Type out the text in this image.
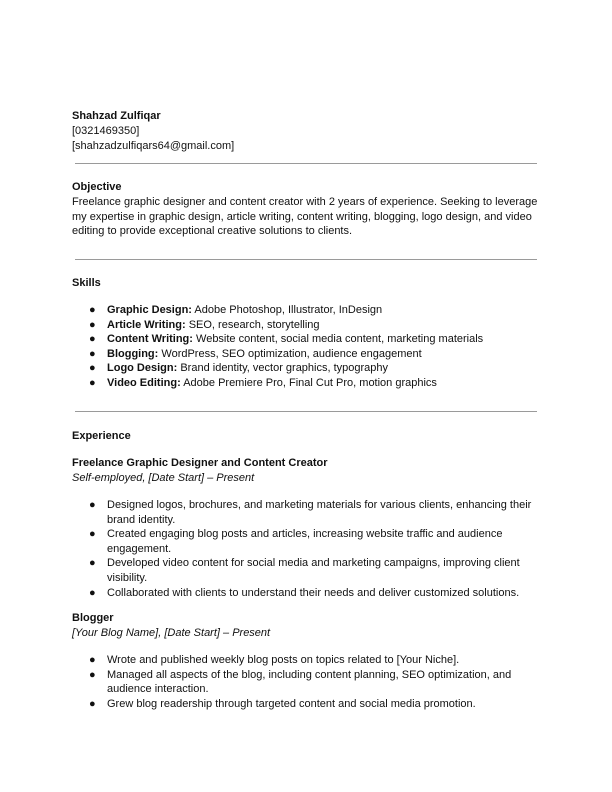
Shahzad Zulfiqar
[0321469350]
[shahzadzulfiqars64@gmail.com]
Objective
Freelance graphic designer and content creator with 2 years of experience. Seeking to leverage my expertise in graphic design, article writing, content writing, blogging, logo design, and video editing to provide exceptional creative solutions to clients.
Skills
● Graphic Design: Adobe Photoshop, Illustrator, InDesign
● Article Writing: SEO, research, storytelling
● Content Writing: Website content, social media content, marketing materials
● Blogging: WordPress, SEO optimization, audience engagement
● Logo Design: Brand identity, vector graphics, typography
● Video Editing: Adobe Premiere Pro, Final Cut Pro, motion graphics
Experience
Freelance Graphic Designer and Content Creator
Self-employed, [Date Start] – Present
● Designed logos, brochures, and marketing materials for various clients, enhancing their brand identity.
● Created engaging blog posts and articles, increasing website traffic and audience engagement.
● Developed video content for social media and marketing campaigns, improving client visibility.
● Collaborated with clients to understand their needs and deliver customized solutions.
Blogger
[Your Blog Name], [Date Start] – Present
● Wrote and published weekly blog posts on topics related to [Your Niche].
● Managed all aspects of the blog, including content planning, SEO optimization, and audience interaction.
● Grew blog readership through targeted content and social media promotion.
